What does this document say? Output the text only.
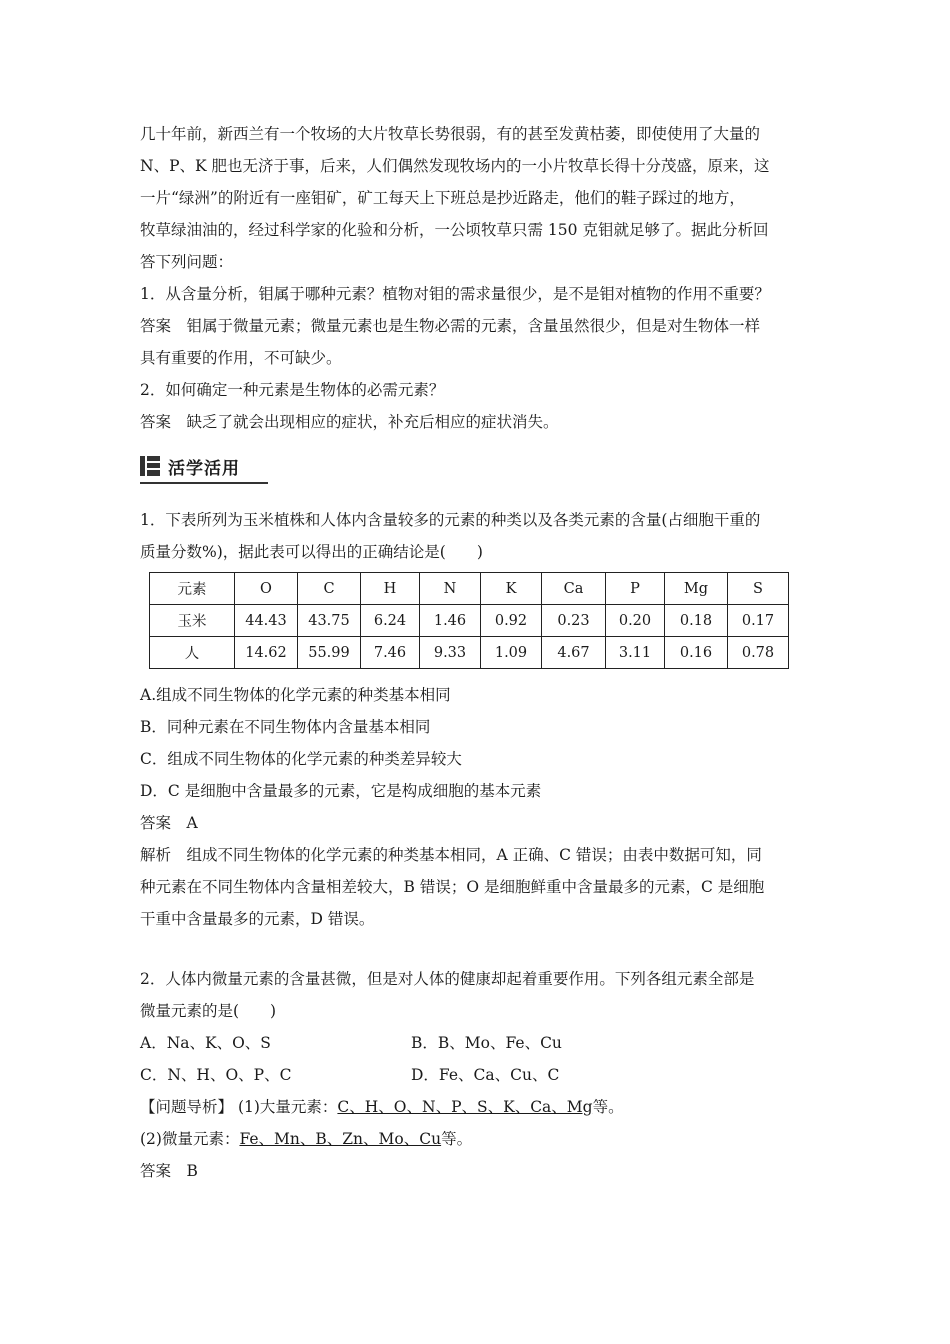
几十年前，新西兰有一个牧场的大片牧草长势很弱，有的甚至发黄枯萎，即使使用了大量的

N、P、K 肥也无济于事，后来，人们偶然发现牧场内的一小片牧草长得十分茂盛，原来，这

一片“绿洲”的附近有一座钼矿，矿工每天上下班总是抄近路走，他们的鞋子踩过的地方，

牧草绿油油的，经过科学家的化验和分析，一公顷牧草只需 150 克钼就足够了。据此分析回

答下列问题：

1．从含量分析，钼属于哪种元素？植物对钼的需求量很少，是不是钼对植物的作用不重要？

答案　钼属于微量元素；微量元素也是生物必需的元素，含量虽然很少，但是对生物体一样

具有重要的作用，不可缺少。

2．如何确定一种元素是生物体的必需元素？

答案　缺乏了就会出现相应的症状，补充后相应的症状消失。

活学活用

1．下表所列为玉米植株和人体内含量较多的元素的种类以及各类元素的含量(占细胞干重的

质量分数%)，据此表可以得出的正确结论是(　　)

元素	O	C	H	N	K	Ca	P	Mg	S
玉米	44.43	43.75	6.24	1.46	0.92	0.23	0.20	0.18	0.17
人	14.62	55.99	7.46	9.33	1.09	4.67	3.11	0.16	0.78

A.组成不同生物体的化学元素的种类基本相同

B．同种元素在不同生物体内含量基本相同

C．组成不同生物体的化学元素的种类差异较大

D．C 是细胞中含量最多的元素，它是构成细胞的基本元素

答案　A

解析　组成不同生物体的化学元素的种类基本相同，A 正确、C 错误；由表中数据可知，同

种元素在不同生物体内含量相差较大，B 错误；O 是细胞鲜重中含量最多的元素，C 是细胞

干重中含量最多的元素，D 错误。

2．人体内微量元素的含量甚微，但是对人体的健康却起着重要作用。下列各组元素全部是

微量元素的是(　　)

A．Na、K、O、S	B．B、Mo、Fe、Cu
C．N、H、O、P、C	D．Fe、Ca、Cu、C

【问题导析】 (1)大量元素：C、H、O、N、P、S、K、Ca、Mg等。

(2)微量元素：Fe、Mn、B、Zn、Mo、Cu等。

答案　B
